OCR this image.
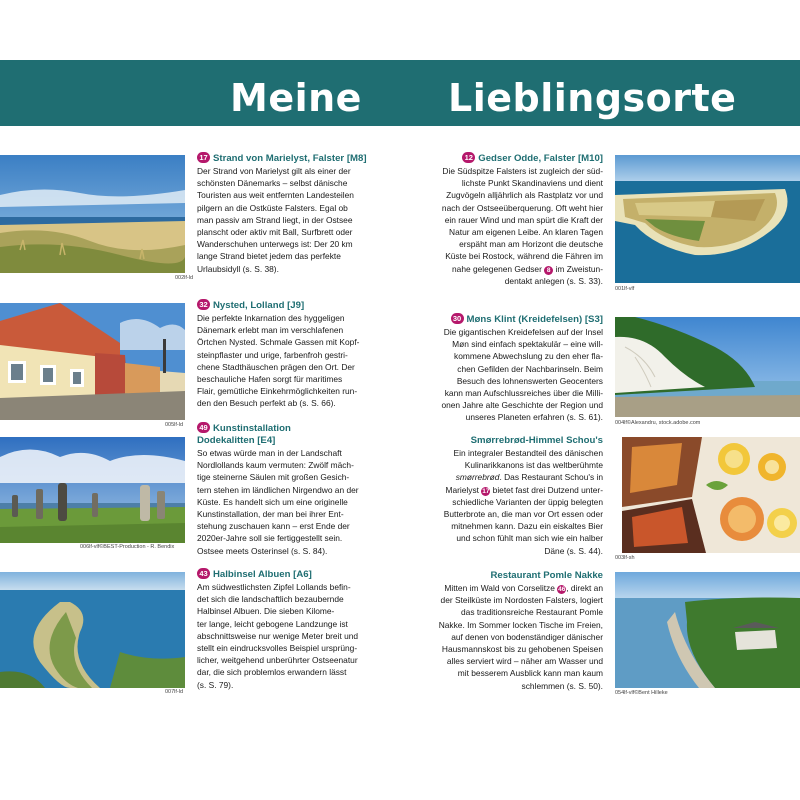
Meine Lieblingsorte
002lf-ld
005lf-ld
006lf-vlf©BEST-Production - R. Bendix
007lf-ld
001lf-vlf
004lf©Alexandru, stock.adobe.com
003lf-sh
054lf-vlf©Bent Hilleke
17 Strand von Marielyst, Falster [M8]

Der Strand von Marielyst gilt als einer der

schönsten Dänemarks – selbst dänische

Touristen aus weit entfernten Landesteilen

pilgern an die Ostküste Falsters. Egal ob

man passiv am Strand liegt, in der Ostsee

planscht oder aktiv mit Ball, Surfbrett oder

Wanderschuhen unterwegs ist: Der 20 km

lange Strand bietet jedem das perfekte

Urlaubsidyll (s. S. 38).

32 Nysted, Lolland [J9]

Die perfekte Inkarnation des hyggeligen

Dänemark erlebt man im verschlafenen

Örtchen Nysted. Schmale Gassen mit Kopf-

steinpflaster und urige, farbenfroh gestri-

chene Stadthäuschen prägen den Ort. Der

beschauliche Hafen sorgt für maritimes

Flair, gemütliche Einkehrmöglichkeiten run-

den den Besuch perfekt ab (s. S. 66).

49 Kunstinstallation
Dodekalitten [E4]

So etwas würde man in der Landschaft

Nordlollands kaum vermuten: Zwölf mäch-

tige steinerne Säulen mit großen Gesich-

tern stehen im ländlichen Nirgendwo an der

Küste. Es handelt sich um eine originelle

Kunstinstallation, der man bei ihrer Ent-

stehung zuschauen kann – erst Ende der

2020er-Jahre soll sie fertiggestellt sein.

Ostsee meets Osterinsel (s. S. 84).

43 Halbinsel Albuen [A6]

Am südwestlichsten Zipfel Lollands befin-

det sich die landschaftlich bezaubernde

Halbinsel Albuen. Die sieben Kilome-

ter lange, leicht gebogene Landzunge ist

abschnittsweise nur wenige Meter breit und

stellt ein eindrucksvolles Beispiel ursprüng-

licher, weitgehend unberührter Ostseenatur

dar, die sich problemlos erwandern lässt

(s. S. 79).

12 Gedser Odde, Falster [M10]

Die Südspitze Falsters ist zugleich der süd-

lichste Punkt Skandinaviens und dient

Zugvögeln alljährlich als Rastplatz vor und

nach der Ostseeüberquerung. Oft weht hier

ein rauer Wind und man spürt die Kraft der

Natur am eigenen Leibe. An klaren Tagen

erspäht man am Horizont die deutsche

Küste bei Rostock, während die Fähren im

nahe gelegenen Gedser 8 im Zweistun-

dentakt anlegen (s. S. 33).

30 Møns Klint (Kreidefelsen) [S3]

Die gigantischen Kreidefelsen auf der Insel

Møn sind einfach spektakulär – eine will-

kommene Abwechslung zu den eher fla-

chen Gefilden der Nachbarinseln. Beim

Besuch des lohnenswerten Geocenters

kann man Aufschlussreiches über die Milli-

onen Jahre alte Geschichte der Region und

unseres Planeten erfahren (s. S. 61).

Smørrebrød-Himmel Schou's

Ein integraler Bestandteil des dänischen

Kulinarikkanons ist das weltberühmte

smørrebrød. Das Restaurant Schou's in

Marielyst 17 bietet fast drei Dutzend unter-

schiedliche Varianten der üppig belegten

Butterbrote an, die man vor Ort essen oder

mitnehmen kann. Dazu ein eiskaltes Bier

und schon fühlt man sich wie ein halber

Däne (s. S. 44).

Restaurant Pomle Nakke

Mitten im Wald von Corselitze 46, direkt an

der Steilküste im Nordosten Falsters, logiert

das traditionsreiche Restaurant Pomle

Nakke. Im Sommer locken Tische im Freien,

auf denen von bodenständiger dänischer

Hausmannskost bis zu gehobenen Speisen

alles serviert wird – näher am Wasser und

mit besserem Ausblick kann man kaum

schlemmen (s. S. 50).
